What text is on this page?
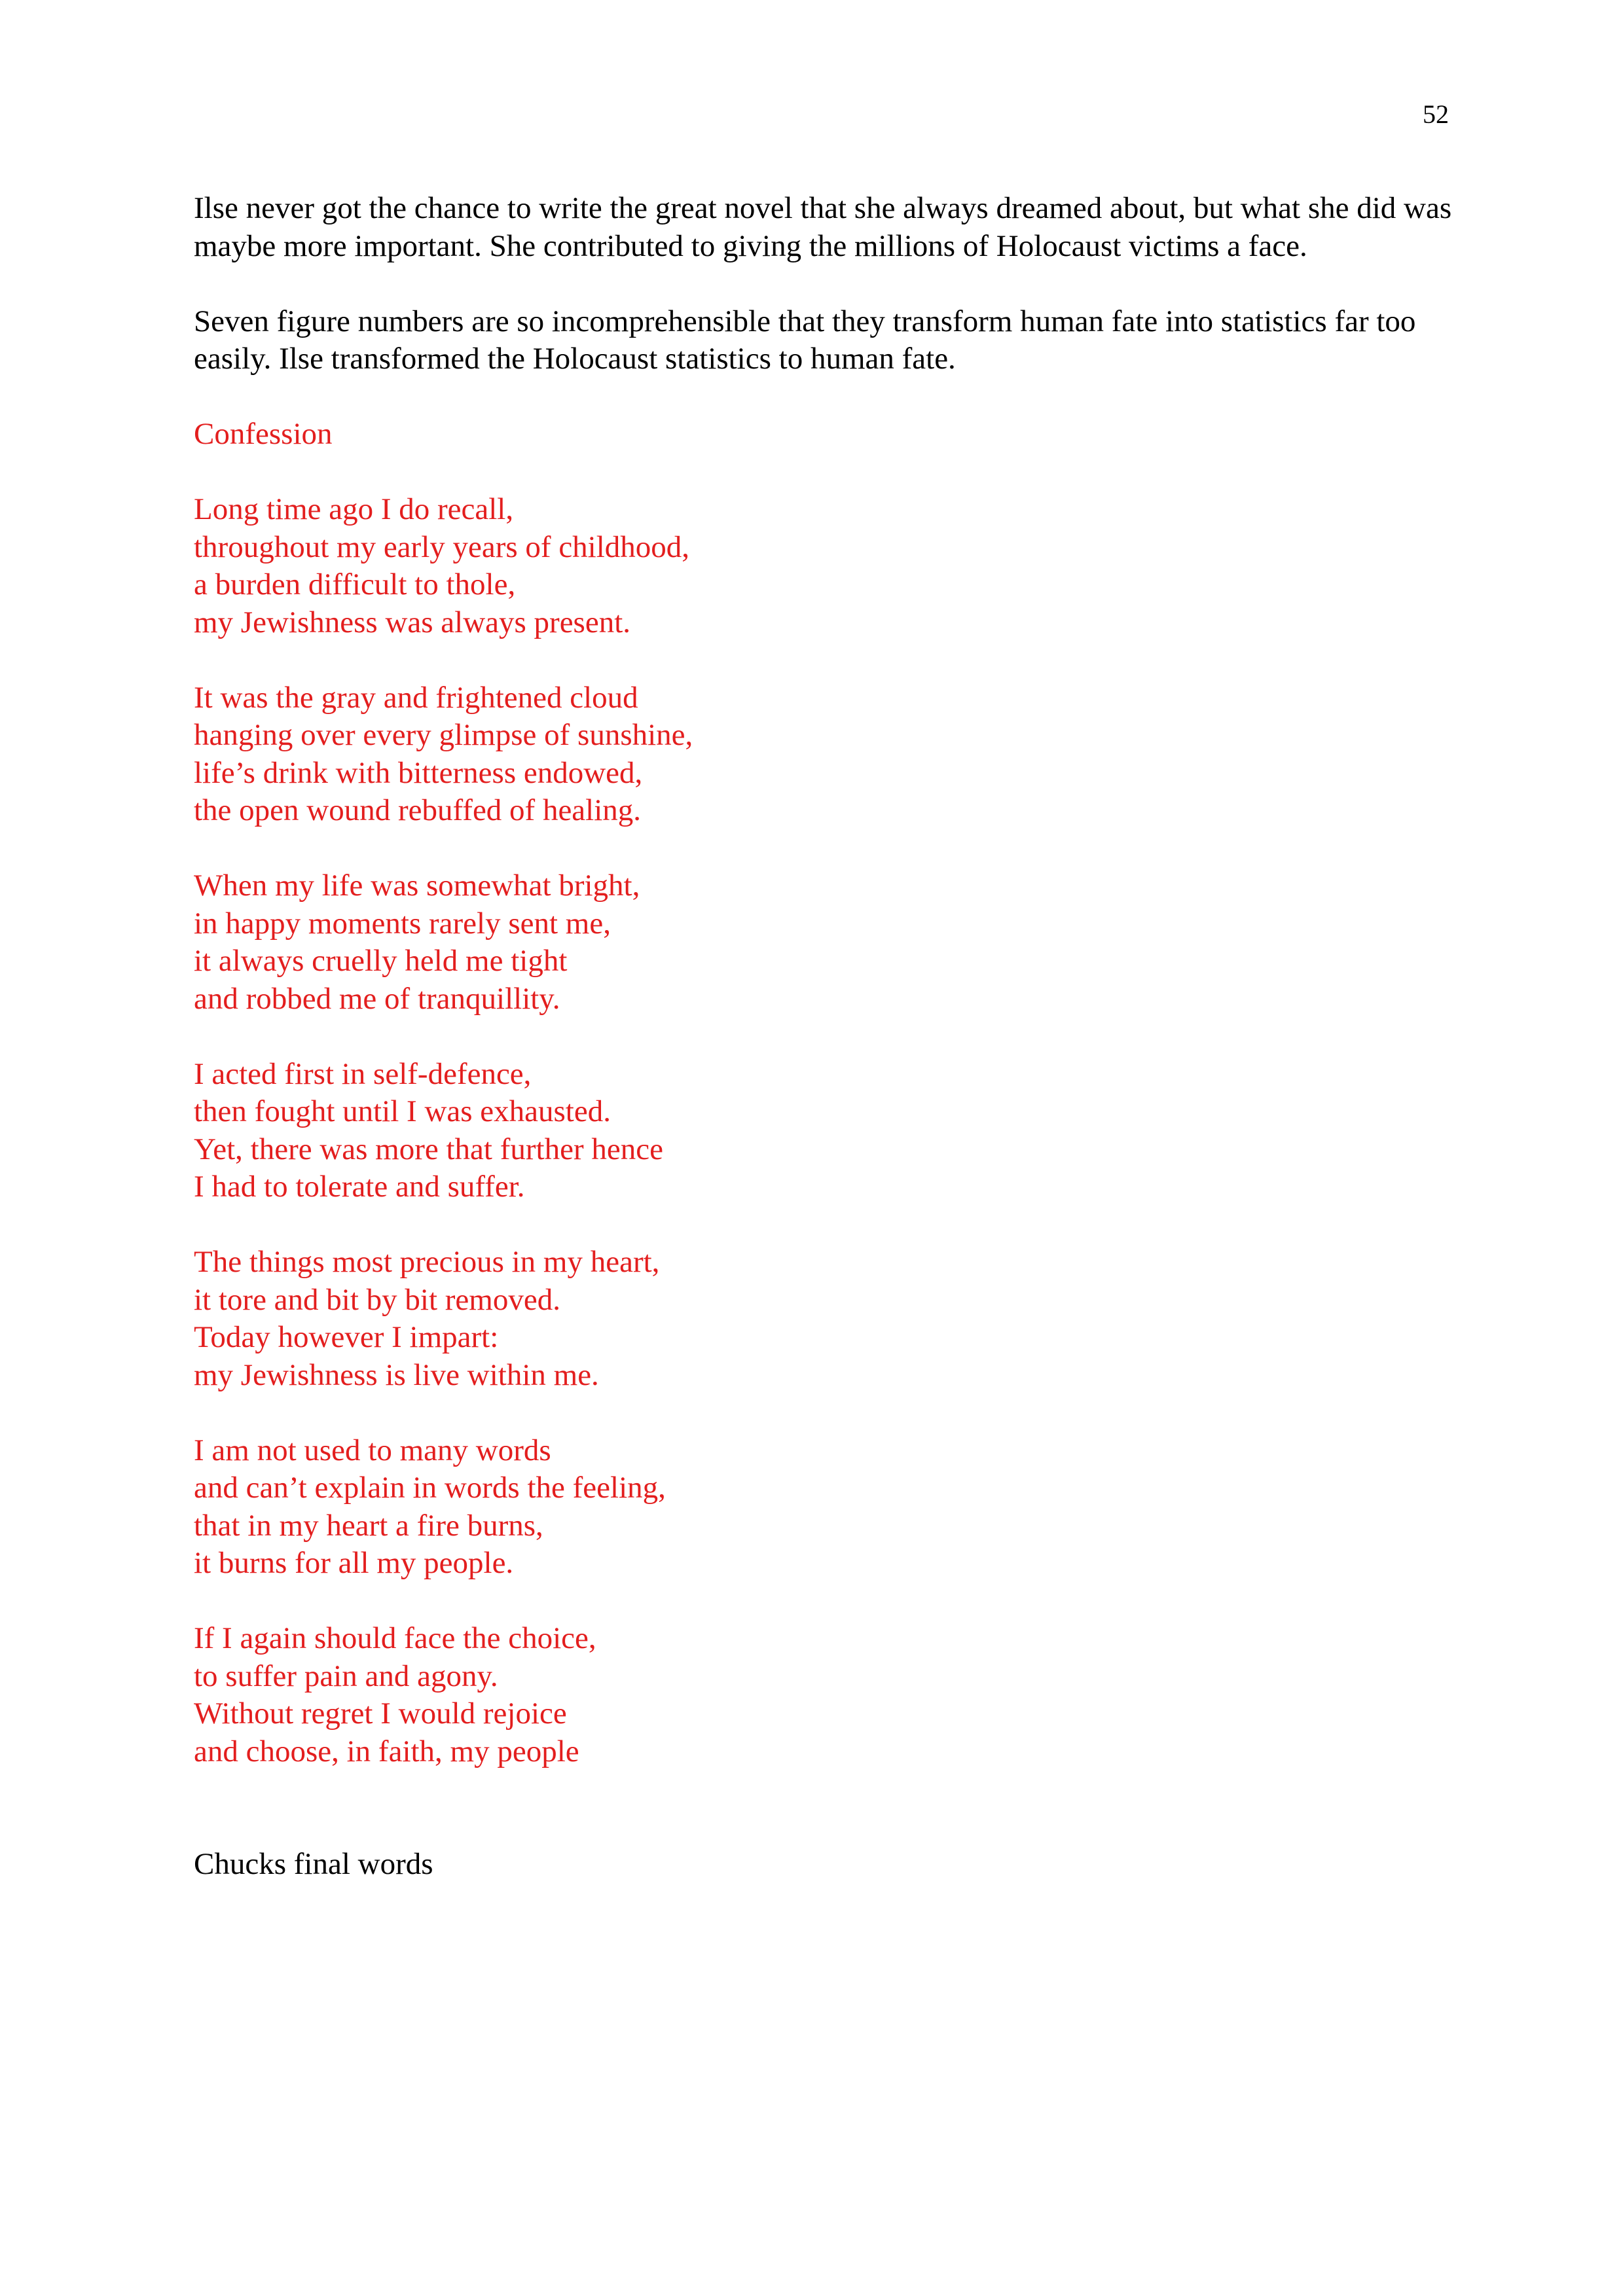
52

Ilse never got the chance to write the great novel that she always dreamed about, but what she did was maybe more important. She contributed to giving the millions of Holocaust victims a face.

Seven figure numbers are so incomprehensible that they transform human fate into statistics far too easily. Ilse transformed the Holocaust statistics to human fate.

Confession

Long time ago I do recall,
throughout my early years of childhood,
a burden difficult to thole,
my Jewishness was always present.
It was the gray and frightened cloud
hanging over every glimpse of sunshine,
life’s drink with bitterness endowed,
the open wound rebuffed of healing.
When my life was somewhat bright,
in happy moments rarely sent me,
it always cruelly held me tight
and robbed me of tranquillity.
I acted first in self-defence,
then fought until I was exhausted.
Yet, there was more that further hence
I had to tolerate and suffer.
The things most precious in my heart,
it tore and bit by bit removed.
Today however I impart:
my Jewishness is live within me.
I am not used to many words
and can’t explain in words the feeling,
that in my heart a fire burns,
it burns for all my people.
If I again should face the choice,
to suffer pain and agony.
Without regret I would rejoice
and choose, in faith, my people

Chucks final words
